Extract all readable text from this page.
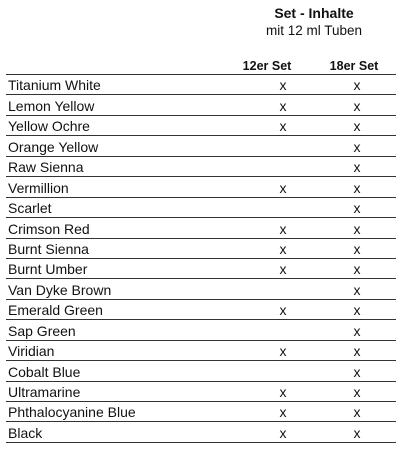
Set - Inhalte
mit 12 ml Tuben
12er Set	18er Set
Titanium White	x	x
Lemon Yellow	x	x
Yellow Ochre	x	x
Orange Yellow		x
Raw Sienna		x
Vermillion	x	x
Scarlet		x
Crimson Red	x	x
Burnt Sienna	x	x
Burnt Umber	x	x
Van Dyke Brown		x
Emerald Green	x	x
Sap Green		x
Viridian	x	x
Cobalt Blue		x
Ultramarine	x	x
Phthalocyanine Blue	x	x
Black	x	x
